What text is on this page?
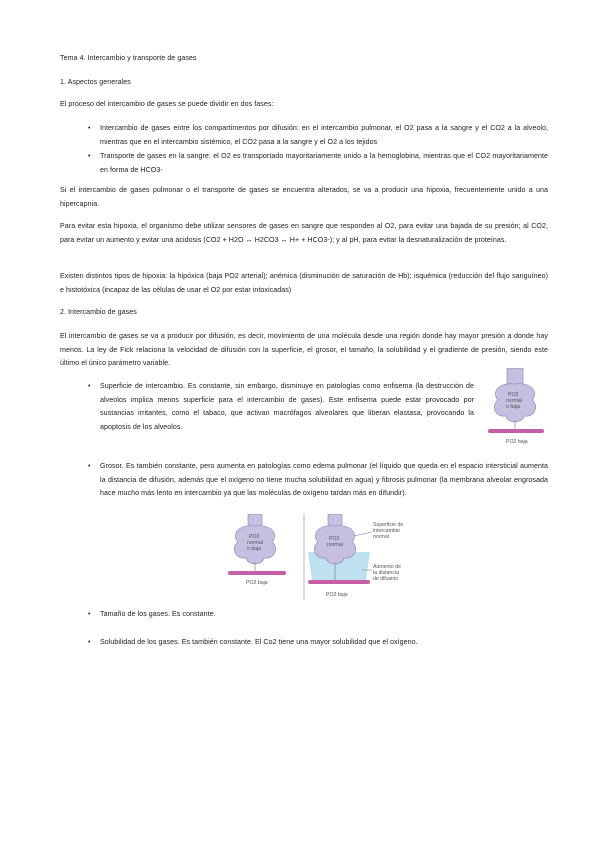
Tema 4. Intercambio y transporte de gases
1. Aspectos generales
El proceso del intercambio de gases se puede dividir en dos fases:
• Intercambio de gases entre los compartimentos por difusión: en el intercambio pulmonar, el O2 pasa a la sangre y el CO2 a la alveolo, mientras que en el intercambio sistémico, el CO2 pasa a la sangre y el O2 a los tejidos
• Transporte de gases en la sangre: el O2 es transportado mayoritariamente unido a la hemoglobina, mientras que el CO2 mayoritariamente en forma de HCO3-
Si el intercambio de gases pulmonar o el transporte de gases se encuentra alterados, se va a producir una hipoxia, frecuentemente unido a una hipercapnia.
Para evitar esta hipoxia, el organismo debe utilizar sensores de gases en sangre que responden al O2, para evitar una bajada de su presión; al CO2, para evitar un aumento y evitar una acidosis (CO2 + H2O ↔ H2CO3 ↔ H+ + HCO3-); y al pH, para evitar la desnaturalización de proteínas.
Existen distintos tipos de hipoxia: la hipóxica (baja PO2 arterial); anémica (disminución de saturación de Hb); isquémica (reducción del flujo sanguíneo) e histotóxica (incapaz de las células de usar el O2 por estar intoxicadas)
2. Intercambio de gases
El intercambio de gases se va a producir por difusión, es decir, movimiento de una molécula desde una región donde hay mayor presión a donde hay menos. La ley de Fick relaciona la velocidad de difusión con la superficie, el grosor, el tamaño, la solubilidad y el gradiente de presión, siendo este último el único parámetro variable.
• Superficie de intercambio. Es constante, sin embargo, disminuye en patologías como enfisema (la destrucción de alveolos implica menos superficie para el intercambio de gases). Este enfisema puede estar provocado por sustancias irritantes, como el tabaco, que activan macrófagos alveolares que liberan elastasa, provocando la apoptosis de los alveolos.
PO2
normal
o baja
PO2 baja
• Grosor. Es también constante, pero aumenta en patologías como edema pulmonar (el líquido que queda en el espacio intersticial aumenta la distancia de difusión, además que el oxígeno no tiene mucha solubilidad en agua) y fibrosis pulmonar (la membrana alveolar engrosada hace mucho más lento en intercambio ya que las moléculas de oxígeno tardan más en difundir).
PO2
normal
o baja
PO2 baja
PO2
normal
PO2 baja
Superficie de
intercambio
normal
Aumento de
la distancia
de difusión
• Tamaño de los gases. Es constante.
• Solubilidad de los gases. Es también constante. El Co2 tiene una mayor solubilidad que el oxígeno.
